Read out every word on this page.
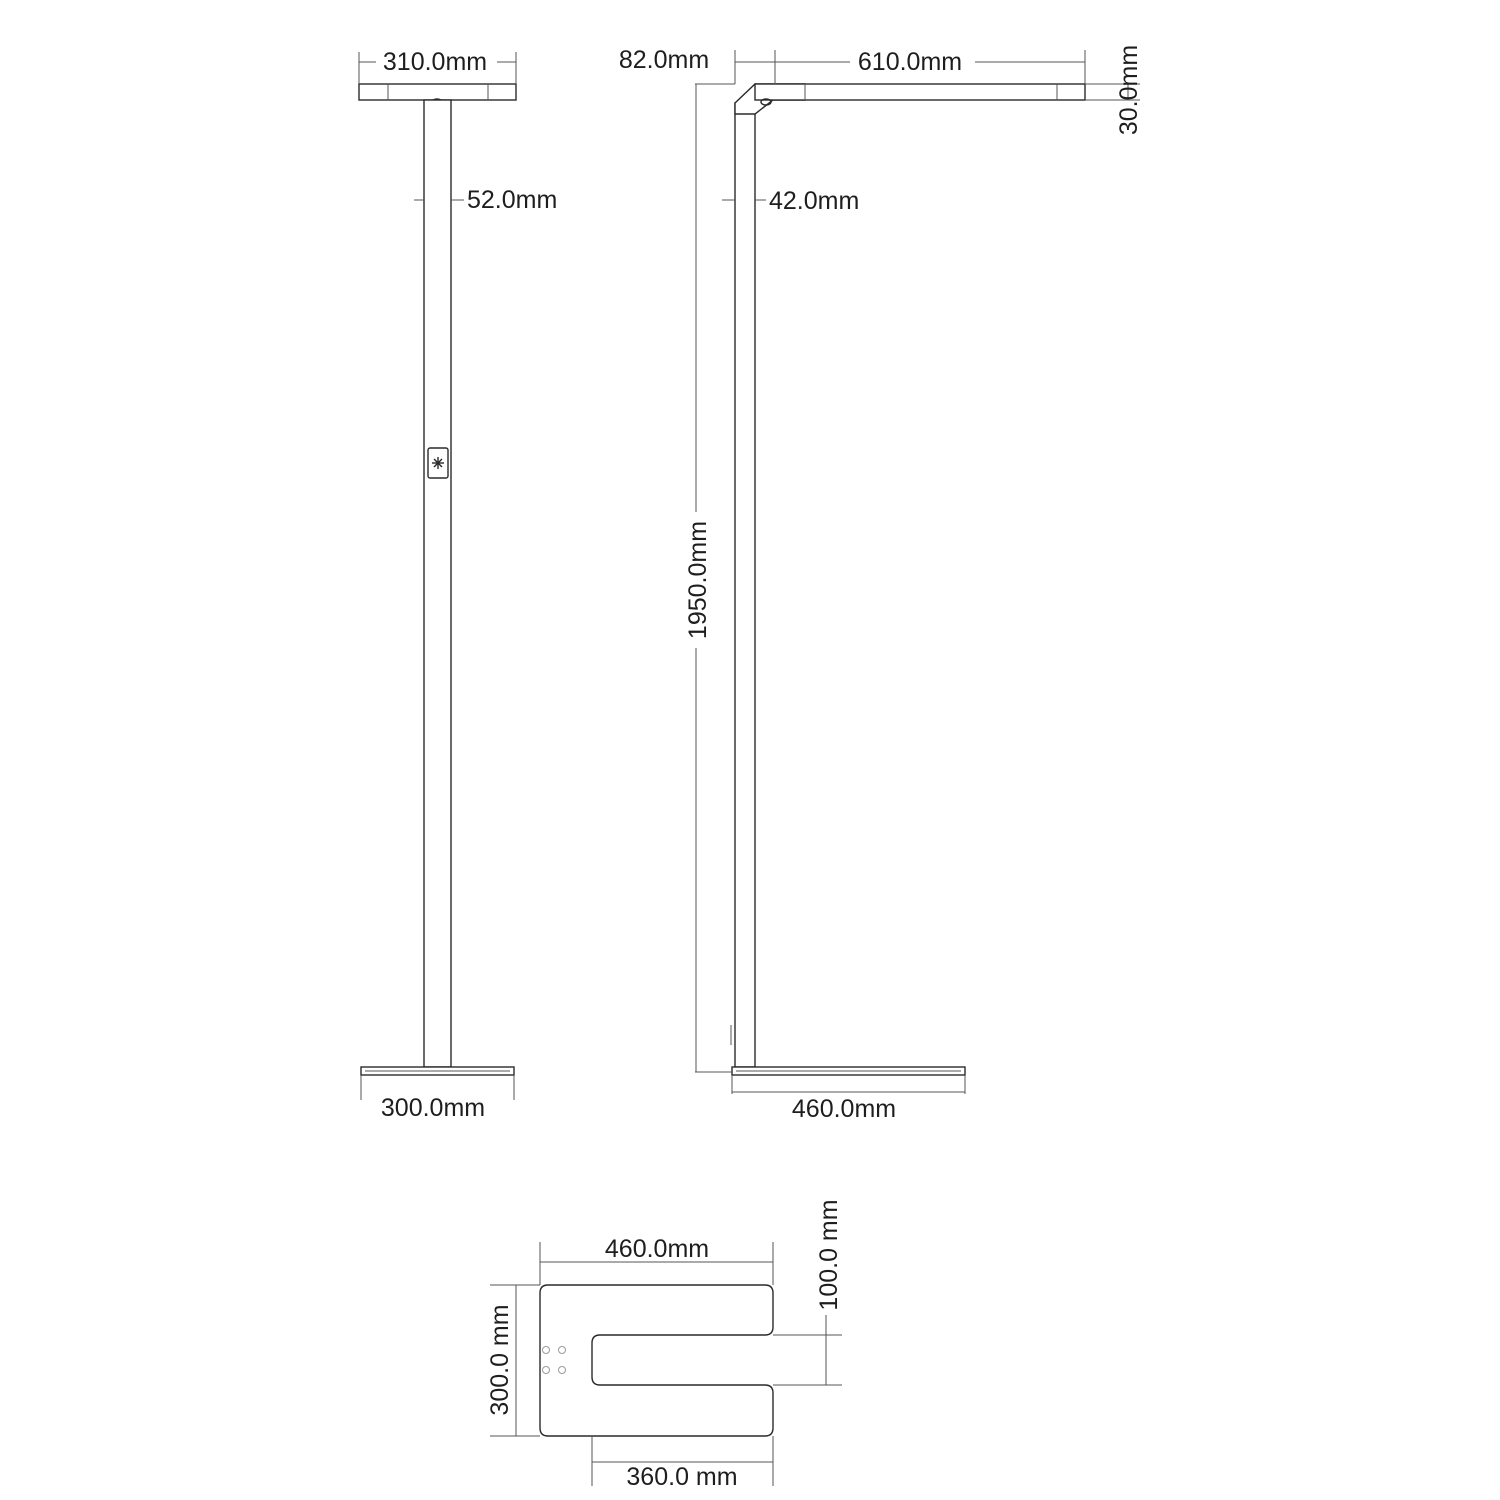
310.0mm
52.0mm
300.0mm
82.0mm	610.0mm	30.0mm
42.0mm
1950.0mm
460.0mm
460.0mm	100.0 mm
300.0 mm
360.0 mm
